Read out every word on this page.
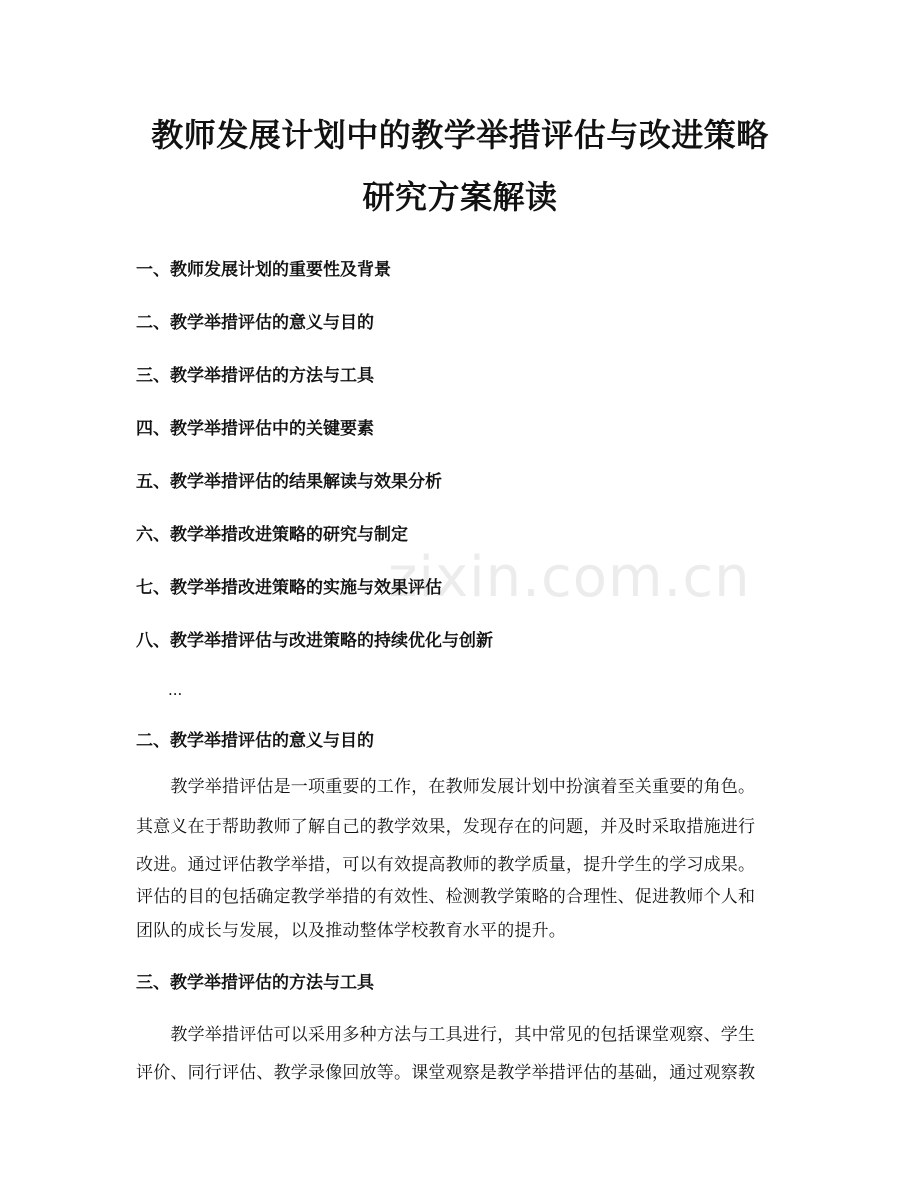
zixin.com.cn
教师发展计划中的教学举措评估与改进策略
研究方案解读
一、教师发展计划的重要性及背景
二、教学举措评估的意义与目的
三、教学举措评估的方法与工具
四、教学举措评估中的关键要素
五、教学举措评估的结果解读与效果分析
六、教学举措改进策略的研究与制定
七、教学举措改进策略的实施与效果评估
八、教学举措评估与改进策略的持续优化与创新
...
二、教学举措评估的意义与目的
　　教学举措评估是一项重要的工作，在教师发展计划中扮演着至关重要的角色。
其意义在于帮助教师了解自己的教学效果，发现存在的问题，并及时采取措施进行
改进。通过评估教学举措，可以有效提高教师的教学质量，提升学生的学习成果。
评估的目的包括确定教学举措的有效性、检测教学策略的合理性、促进教师个人和
团队的成长与发展，以及推动整体学校教育水平的提升。
三、教学举措评估的方法与工具
　　教学举措评估可以采用多种方法与工具进行，其中常见的包括课堂观察、学生
评价、同行评估、教学录像回放等。课堂观察是教学举措评估的基础，通过观察教
